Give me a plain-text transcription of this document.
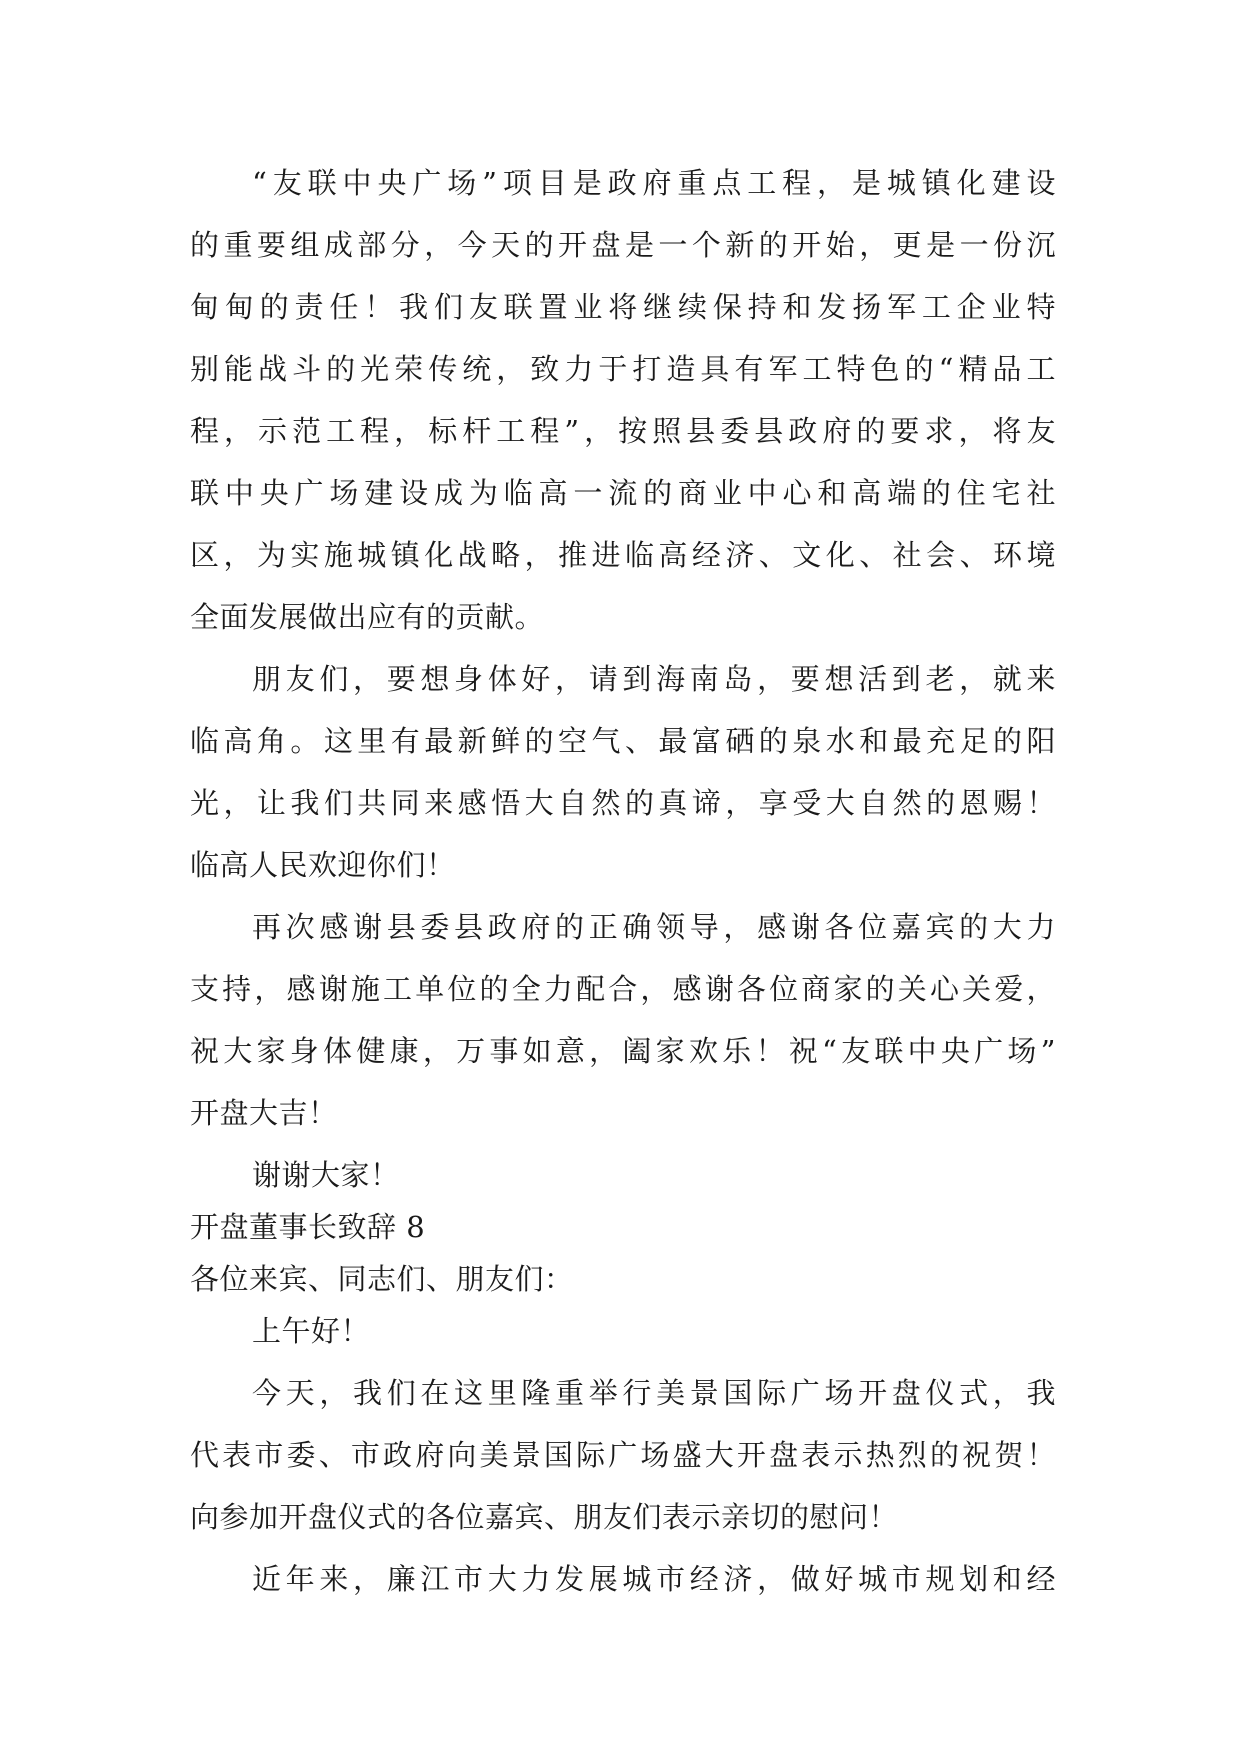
“友联中央广场”项目是政府重点工程，是城镇化建设
的重要组成部分，今天的开盘是一个新的开始，更是一份沉
甸甸的责任！我们友联置业将继续保持和发扬军工企业特
别能战斗的光荣传统，致力于打造具有军工特色的“精品工
程，示范工程，标杆工程”，按照县委县政府的要求，将友
联中央广场建设成为临高一流的商业中心和高端的住宅社
区，为实施城镇化战略，推进临高经济、文化、社会、环境
全面发展做出应有的贡献。
朋友们，要想身体好，请到海南岛，要想活到老，就来
临高角。这里有最新鲜的空气、最富硒的泉水和最充足的阳
光，让我们共同来感悟大自然的真谛，享受大自然的恩赐！
临高人民欢迎你们！
再次感谢县委县政府的正确领导，感谢各位嘉宾的大力
支持，感谢施工单位的全力配合，感谢各位商家的关心关爱，
祝大家身体健康，万事如意，阖家欢乐！祝“友联中央广场”
开盘大吉！
谢谢大家！
开盘董事长致辞 8
各位来宾、同志们、朋友们：
上午好！
今天，我们在这里隆重举行美景国际广场开盘仪式，我
代表市委、市政府向美景国际广场盛大开盘表示热烈的祝贺！
向参加开盘仪式的各位嘉宾、朋友们表示亲切的慰问！
近年来，廉江市大力发展城市经济，做好城市规划和经
